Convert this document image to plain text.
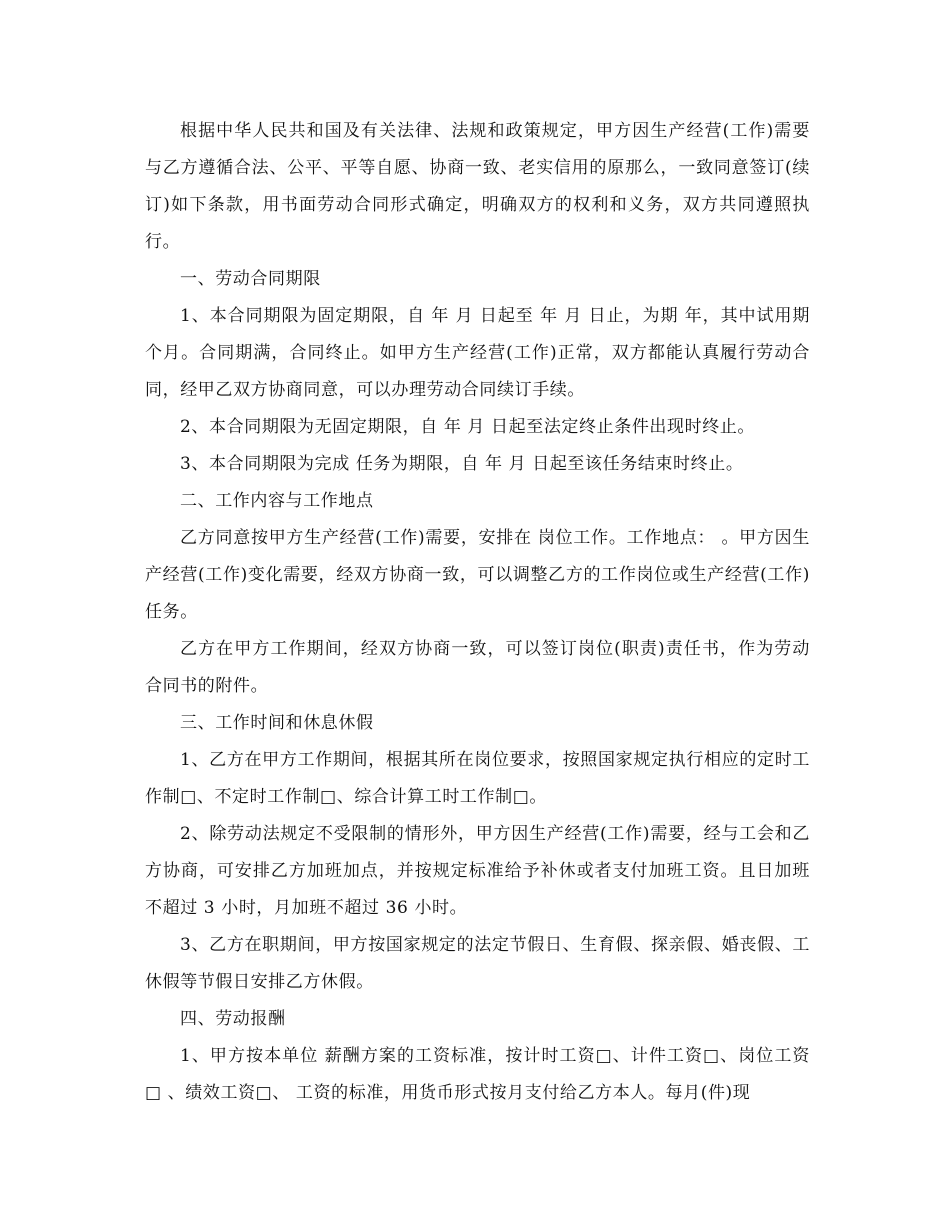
根据中华人民共和国及有关法律、法规和政策规定，甲方因生产经营(工作)需要与乙方遵循合法、公平、平等自愿、协商一致、老实信用的原那么，一致同意签订(续订)如下条款，用书面劳动合同形式确定，明确双方的权利和义务，双方共同遵照执行。

一、劳动合同期限

1、本合同期限为固定期限，自 年 月 日起至 年 月 日止，为期 年，其中试用期 个月。合同期满，合同终止。如甲方生产经营(工作)正常，双方都能认真履行劳动合同，经甲乙双方协商同意，可以办理劳动合同续订手续。

2、本合同期限为无固定期限，自 年 月 日起至法定终止条件出现时终止。

3、本合同期限为完成 任务为期限，自 年 月 日起至该任务结束时终止。

二、工作内容与工作地点

乙方同意按甲方生产经营(工作)需要，安排在 岗位工作。工作地点： 。甲方因生产经营(工作)变化需要，经双方协商一致，可以调整乙方的工作岗位或生产经营(工作)任务。

乙方在甲方工作期间，经双方协商一致，可以签订岗位(职责)责任书，作为劳动合同书的附件。

三、工作时间和休息休假

1、乙方在甲方工作期间，根据其所在岗位要求，按照国家规定执行相应的定时工作制□、不定时工作制□、综合计算工时工作制□。

2、除劳动法规定不受限制的情形外，甲方因生产经营(工作)需要，经与工会和乙方协商，可安排乙方加班加点，并按规定标准给予补休或者支付加班工资。且日加班不超过 3 小时，月加班不超过 36 小时。

3、乙方在职期间，甲方按国家规定的法定节假日、生育假、探亲假、婚丧假、工休假等节假日安排乙方休假。

四、劳动报酬

1、甲方按本单位 薪酬方案的工资标准，按计时工资□、计件工资□、岗位工资□ 、绩效工资□、 工资的标准，用货币形式按月支付给乙方本人。每月(件)现
